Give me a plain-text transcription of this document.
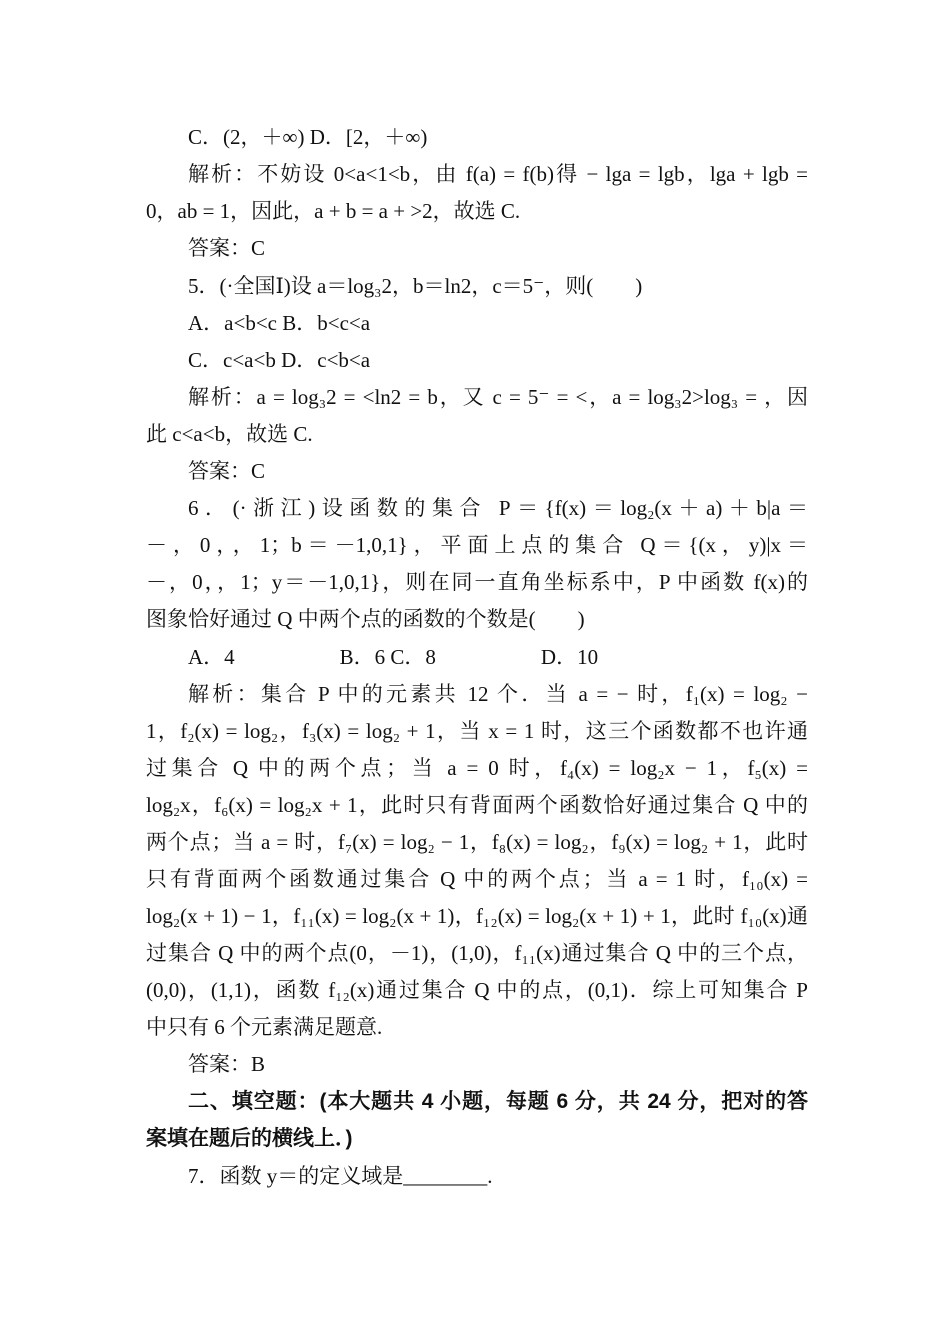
C．(2，＋∞) D．[2，＋∞)
解析：不妨设 0<a<1<b，由 f(a) = f(b)得 − lga = lgb，lga + lgb =
0，ab = 1，因此，a + b = a + >2，故选 C.
答案：C
5．(·全国Ⅰ)设 a＝log₃2，b＝ln2，c＝5⁻，则(　　)
A．a<b<c B．b<c<a
C．c<a<b D．c<b<a
解析：a = log₃2 = <ln2 = b，又 c = 5⁻ = <，a = log₃2>log₃ = ，因
此 c<a<b，故选 C.
答案：C
6．(·浙江)设函数的集合 P＝{f(x)＝log₂(x＋a)＋b|a＝
－，0，，1；b＝－1,0,1}，平面上点的集合 Q＝{(x，y)|x＝
－，0，，1；y＝－1,0,1}，则在同一直角坐标系中，P 中函数 f(x)的
图象恰好通过 Q 中两个点的函数的个数是(　　)
A．4　　　　　B．6 C．8　　　　　D．10
解析：集合 P 中的元素共 12 个．当 a = − 时，f₁(x) = log₂ −
1，f₂(x) = log₂，f₃(x) = log₂ + 1，当 x = 1 时，这三个函数都不也许通
过集合 Q 中的两个点；当 a = 0 时，f₄(x) = log₂x − 1，f₅(x) =
log₂x，f₆(x) = log₂x + 1，此时只有背面两个函数恰好通过集合 Q 中的
两个点；当 a = 时，f₇(x) = log₂ − 1，f₈(x) = log₂，f₉(x) = log₂ + 1，此时
只有背面两个函数通过集合 Q 中的两个点；当 a = 1 时，f₁₀(x) =
log₂(x + 1) − 1，f₁₁(x) = log₂(x + 1)，f₁₂(x) = log₂(x + 1) + 1，此时 f₁₀(x)通
过集合 Q 中的两个点(0，－1)，(1,0)，f₁₁(x)通过集合 Q 中的三个点，
(0,0)，(1,1)，函数 f₁₂(x)通过集合 Q 中的点，(0,1)．综上可知集合 P
中只有 6 个元素满足题意.
答案：B
二、填空题：(本大题共 4 小题，每题 6 分，共 24 分，把对的答
案填在题后的横线上．)
7．函数 y＝的定义域是________.
